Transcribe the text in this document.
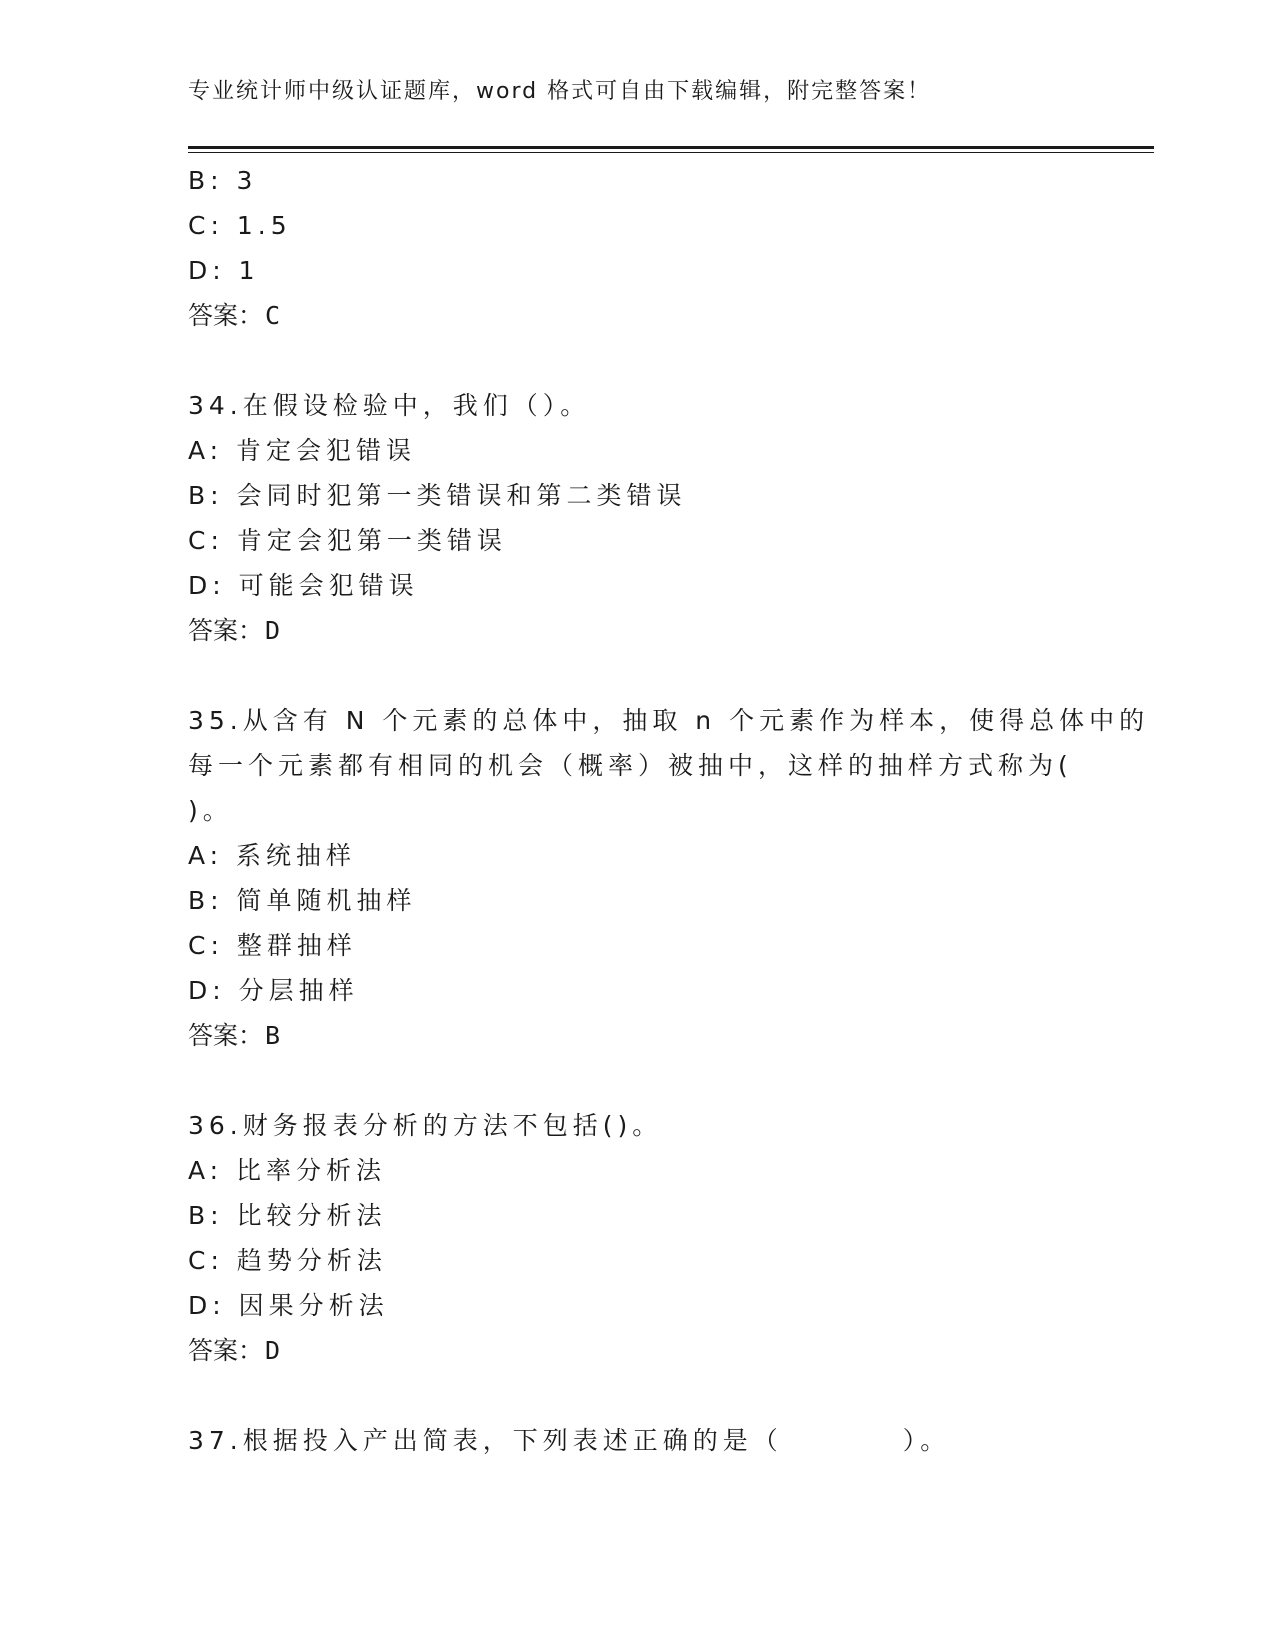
专业统计师中级认证题库，word 格式可自由下载编辑，附完整答案！
B: 3
C: 1.5
D: 1
答案：C
34.在假设检验中，我们（）。
A: 肯定会犯错误
B: 会同时犯第一类错误和第二类错误
C: 肯定会犯第一类错误
D: 可能会犯错误
答案：D
35.从含有 N 个元素的总体中，抽取 n 个元素作为样本，使得总体中的
每一个元素都有相同的机会（概率）被抽中，这样的抽样方式称为(
)。
A: 系统抽样
B: 简单随机抽样
C: 整群抽样
D: 分层抽样
答案：B
36.财务报表分析的方法不包括()。
A: 比率分析法
B: 比较分析法
C: 趋势分析法
D: 因果分析法
答案：D
37.根据投入产出简表，下列表述正确的是（　　　　）。
